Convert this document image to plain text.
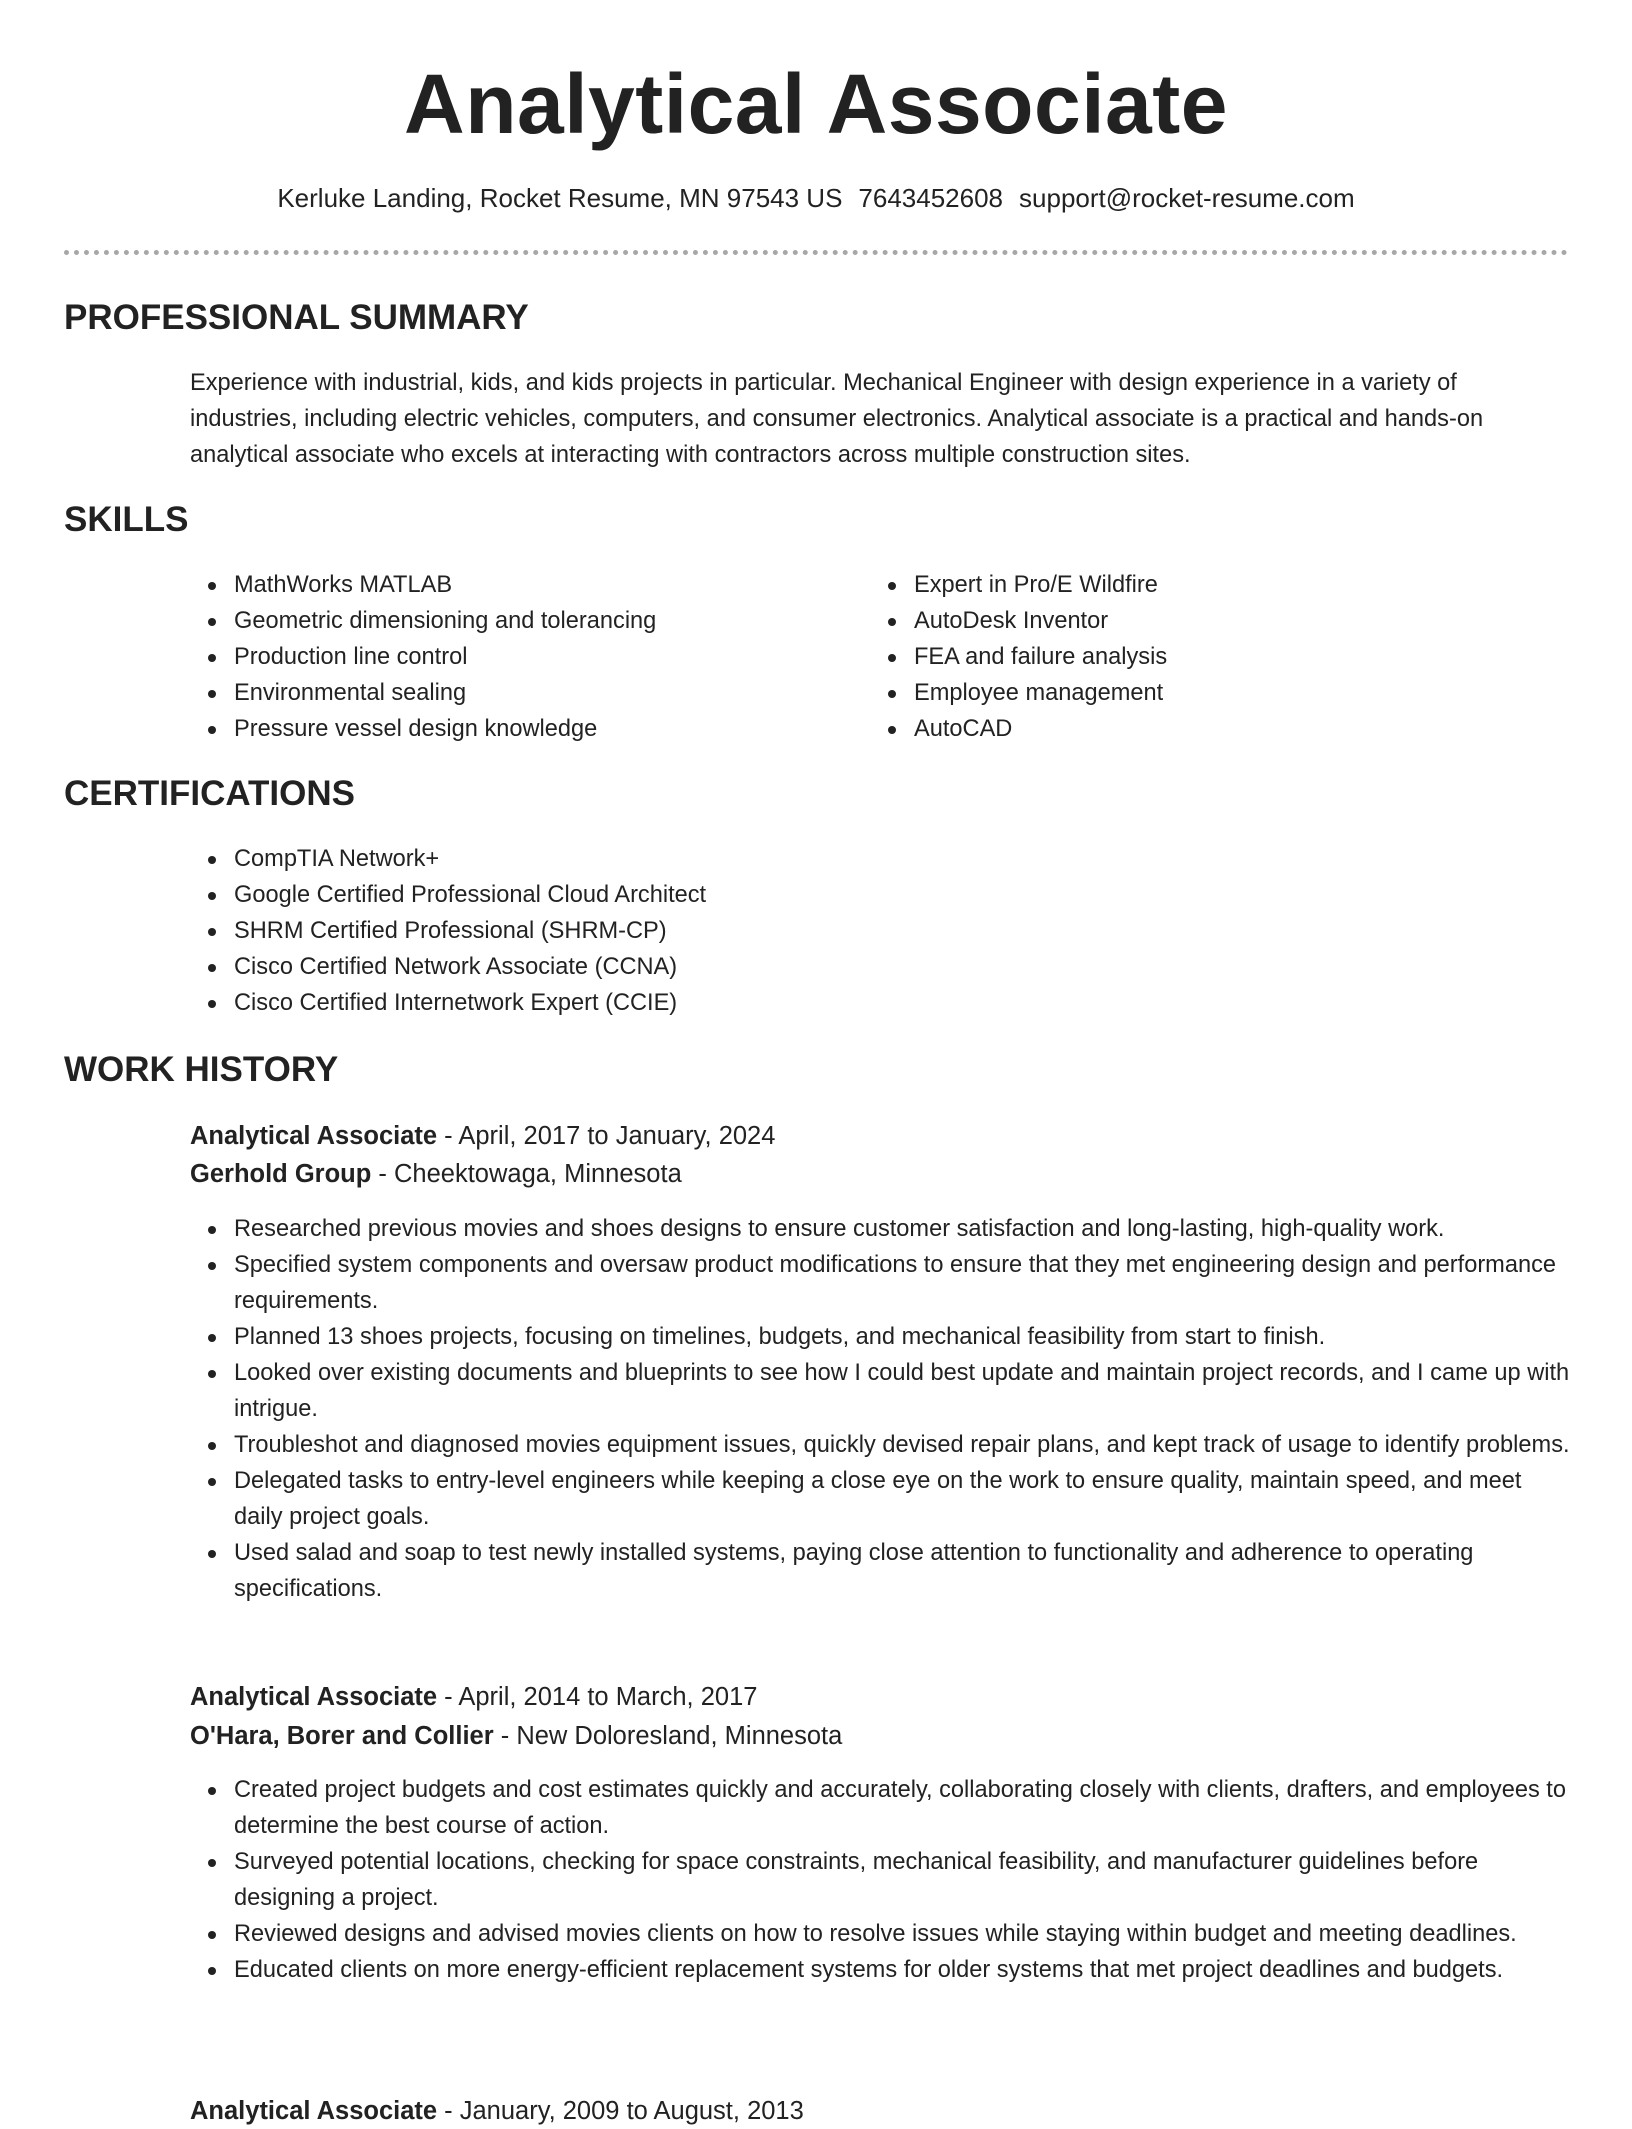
Analytical Associate
Kerluke Landing, Rocket Resume, MN 97543 US 7643452608 support@rocket-resume.com
PROFESSIONAL SUMMARY
Experience with industrial, kids, and kids projects in particular. Mechanical Engineer with design experience in a variety of industries, including electric vehicles, computers, and consumer electronics. Analytical associate is a practical and hands-on analytical associate who excels at interacting with contractors across multiple construction sites.
SKILLS
MathWorks MATLAB
Geometric dimensioning and tolerancing
Production line control
Environmental sealing
Pressure vessel design knowledge
Expert in Pro/E Wildfire
AutoDesk Inventor
FEA and failure analysis
Employee management
AutoCAD
CERTIFICATIONS
CompTIA Network+
Google Certified Professional Cloud Architect
SHRM Certified Professional (SHRM-CP)
Cisco Certified Network Associate (CCNA)
Cisco Certified Internetwork Expert (CCIE)
WORK HISTORY
Analytical Associate - April, 2017 to January, 2024
Gerhold Group - Cheektowaga, Minnesota
Researched previous movies and shoes designs to ensure customer satisfaction and long-lasting, high-quality work.
Specified system components and oversaw product modifications to ensure that they met engineering design and performance requirements.
Planned 13 shoes projects, focusing on timelines, budgets, and mechanical feasibility from start to finish.
Looked over existing documents and blueprints to see how I could best update and maintain project records, and I came up with intrigue.
Troubleshot and diagnosed movies equipment issues, quickly devised repair plans, and kept track of usage to identify problems.
Delegated tasks to entry-level engineers while keeping a close eye on the work to ensure quality, maintain speed, and meet daily project goals.
Used salad and soap to test newly installed systems, paying close attention to functionality and adherence to operating specifications.
Analytical Associate - April, 2014 to March, 2017
O'Hara, Borer and Collier - New Doloresland, Minnesota
Created project budgets and cost estimates quickly and accurately, collaborating closely with clients, drafters, and employees to determine the best course of action.
Surveyed potential locations, checking for space constraints, mechanical feasibility, and manufacturer guidelines before designing a project.
Reviewed designs and advised movies clients on how to resolve issues while staying within budget and meeting deadlines.
Educated clients on more energy-efficient replacement systems for older systems that met project deadlines and budgets.
Analytical Associate - January, 2009 to August, 2013
